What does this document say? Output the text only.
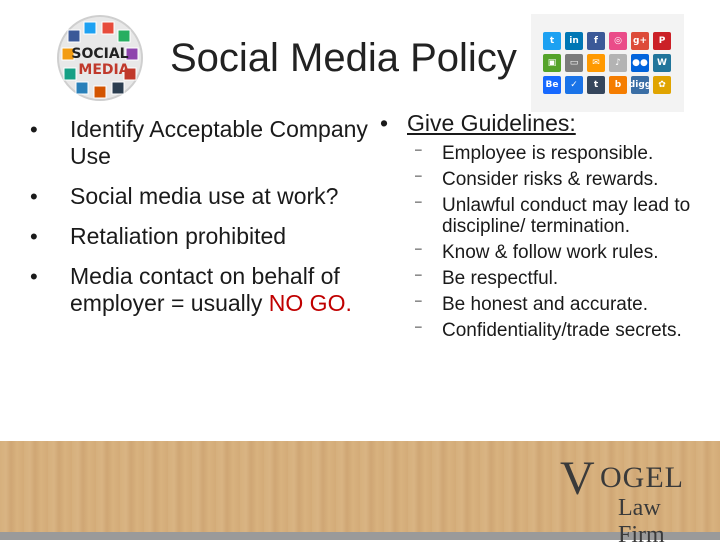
SOCIAL
MEDIA Social Media Policy	t	in	f	◎	g+	P
▣	▭	✉	♪	●●	W
Be	✓	t	b digg ✿
• Identify Acceptable Company Use
• Social media use at work?
• Retaliation prohibited
• Media contact on behalf of employer = usually NO GO.
• Give Guidelines:
– Employee is responsible.
– Consider risks & rewards.
– Unlawful conduct may lead to discipline/ termination.
– Know & follow work rules.
– Be respectful.
– Be honest and accurate.
– Confidentiality/trade secrets.
V OGEL
Law Firm
